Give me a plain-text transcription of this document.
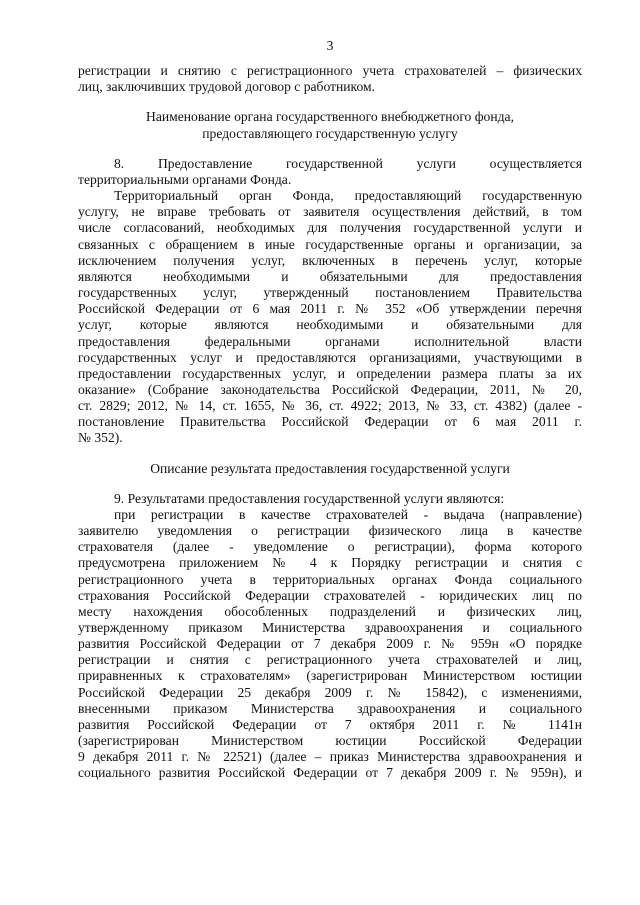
3
регистрации и снятию с регистрационного учета страхователей – физических
лиц, заключивших трудовой договор с работником.
Наименование органа государственного внебюджетного фонда,
предоставляющего государственную услугу
8. Предоставление государственной услуги осуществляется
территориальными органами Фонда.
Территориальный орган Фонда, предоставляющий государственную
услугу, не вправе требовать от заявителя осуществления действий, в том
числе согласований, необходимых для получения государственной услуги и
связанных с обращением в иные государственные органы и организации, за
исключением получения услуг, включенных в перечень услуг, которые
являются необходимыми и обязательными для предоставления
государственных услуг, утвержденный постановлением Правительства
Российской Федерации от 6 мая 2011 г. № 352 «Об утверждении перечня
услуг, которые являются необходимыми и обязательными для
предоставления федеральными органами исполнительной власти
государственных услуг и предоставляются организациями, участвующими в
предоставлении государственных услуг, и определении размера платы за их
оказание» (Собрание законодательства Российской Федерации, 2011, № 20,
ст. 2829; 2012, № 14, ст. 1655, № 36, ст. 4922; 2013, № 33, ст. 4382) (далее -
постановление Правительства Российской Федерации от 6 мая 2011 г.
№ 352).
Описание результата предоставления государственной услуги
9. Результатами предоставления государственной услуги являются:
при регистрации в качестве страхователей - выдача (направление)
заявителю уведомления о регистрации физического лица в качестве
страхователя (далее - уведомление о регистрации), форма которого
предусмотрена приложением № 4 к Порядку регистрации и снятия с
регистрационного учета в территориальных органах Фонда социального
страхования Российской Федерации страхователей - юридических лиц по
месту нахождения обособленных подразделений и физических лиц,
утвержденному приказом Министерства здравоохранения и социального
развития Российской Федерации от 7 декабря 2009 г. № 959н «О порядке
регистрации и снятия с регистрационного учета страхователей и лиц,
приравненных к страхователям» (зарегистрирован Министерством юстиции
Российской Федерации 25 декабря 2009 г. № 15842), с изменениями,
внесенными приказом Министерства здравоохранения и социального
развития Российской Федерации от 7 октября 2011 г. № 1141н
(зарегистрирован Министерством юстиции Российской Федерации
9 декабря 2011 г. № 22521) (далее – приказ Министерства здравоохранения и
социального развития Российской Федерации от 7 декабря 2009 г. № 959н), и
